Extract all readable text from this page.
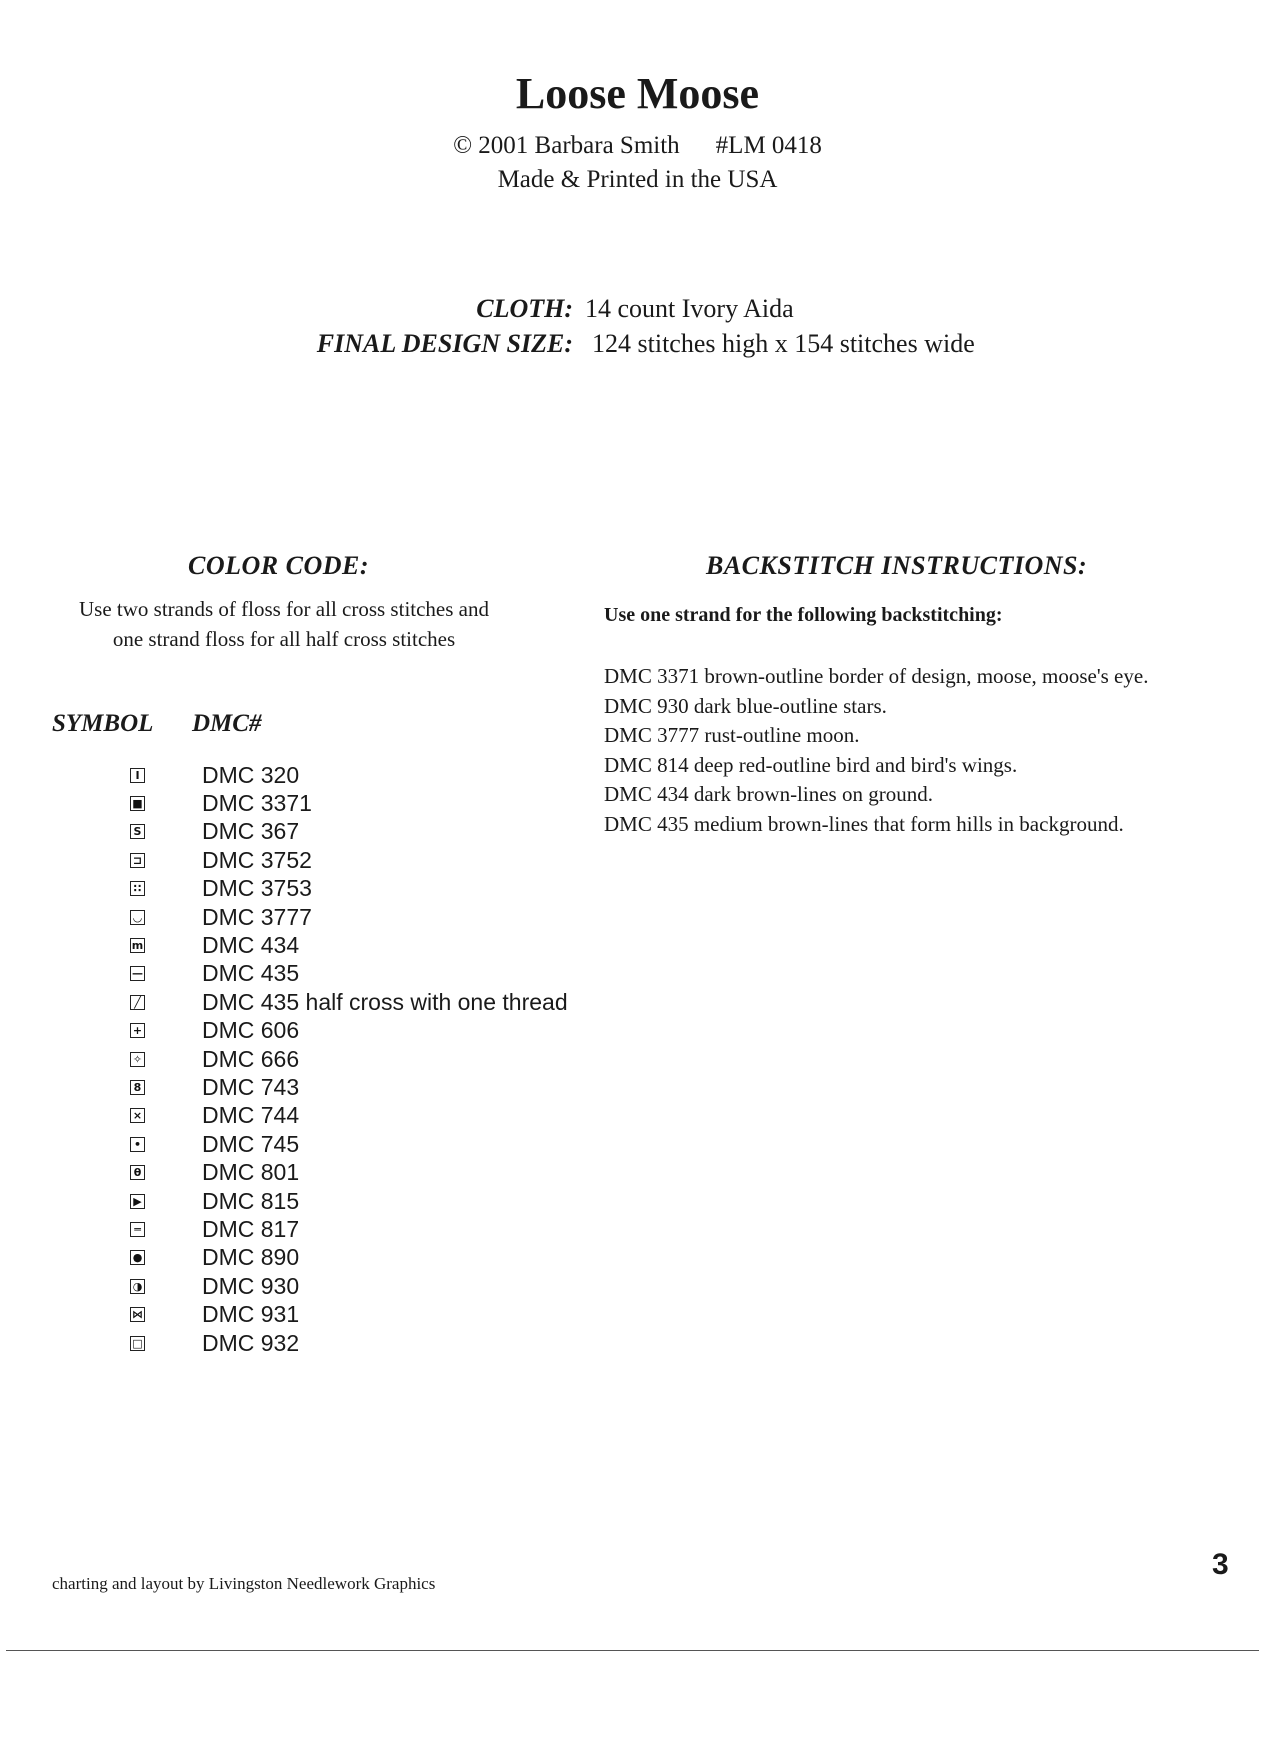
Loose Moose
© 2001 Barbara Smith #LM 0418
Made & Printed in the USA
CLOTH: 14 count Ivory Aida
FINAL DESIGN SIZE: 124 stitches high x 154 stitches wide
COLOR CODE:
Use two strands of floss for all cross stitches and
one strand floss for all half cross stitches
SYMBOL DMC#
I	DMC 320
■	DMC 3371
S	DMC 367
⊐	DMC 3752
∷	DMC 3753
◡	DMC 3777
m	DMC 434
—	DMC 435
╱	DMC 435 half cross with one thread
+	DMC 606
✧	DMC 666
8	DMC 743
×	DMC 744
•	DMC 745
θ	DMC 801
▶	DMC 815
═	DMC 817
●	DMC 890
◑	DMC 930
⋈	DMC 931
□	DMC 932
BACKSTITCH INSTRUCTIONS:
Use one strand for the following backstitching:
DMC 3371 brown-outline border of design, moose, moose's eye.
DMC 930 dark blue-outline stars.
DMC 3777 rust-outline moon.
DMC 814 deep red-outline bird and bird's wings.
DMC 434 dark brown-lines on ground.
DMC 435 medium brown-lines that form hills in background.
charting and layout by Livingston Needlework Graphics
3
